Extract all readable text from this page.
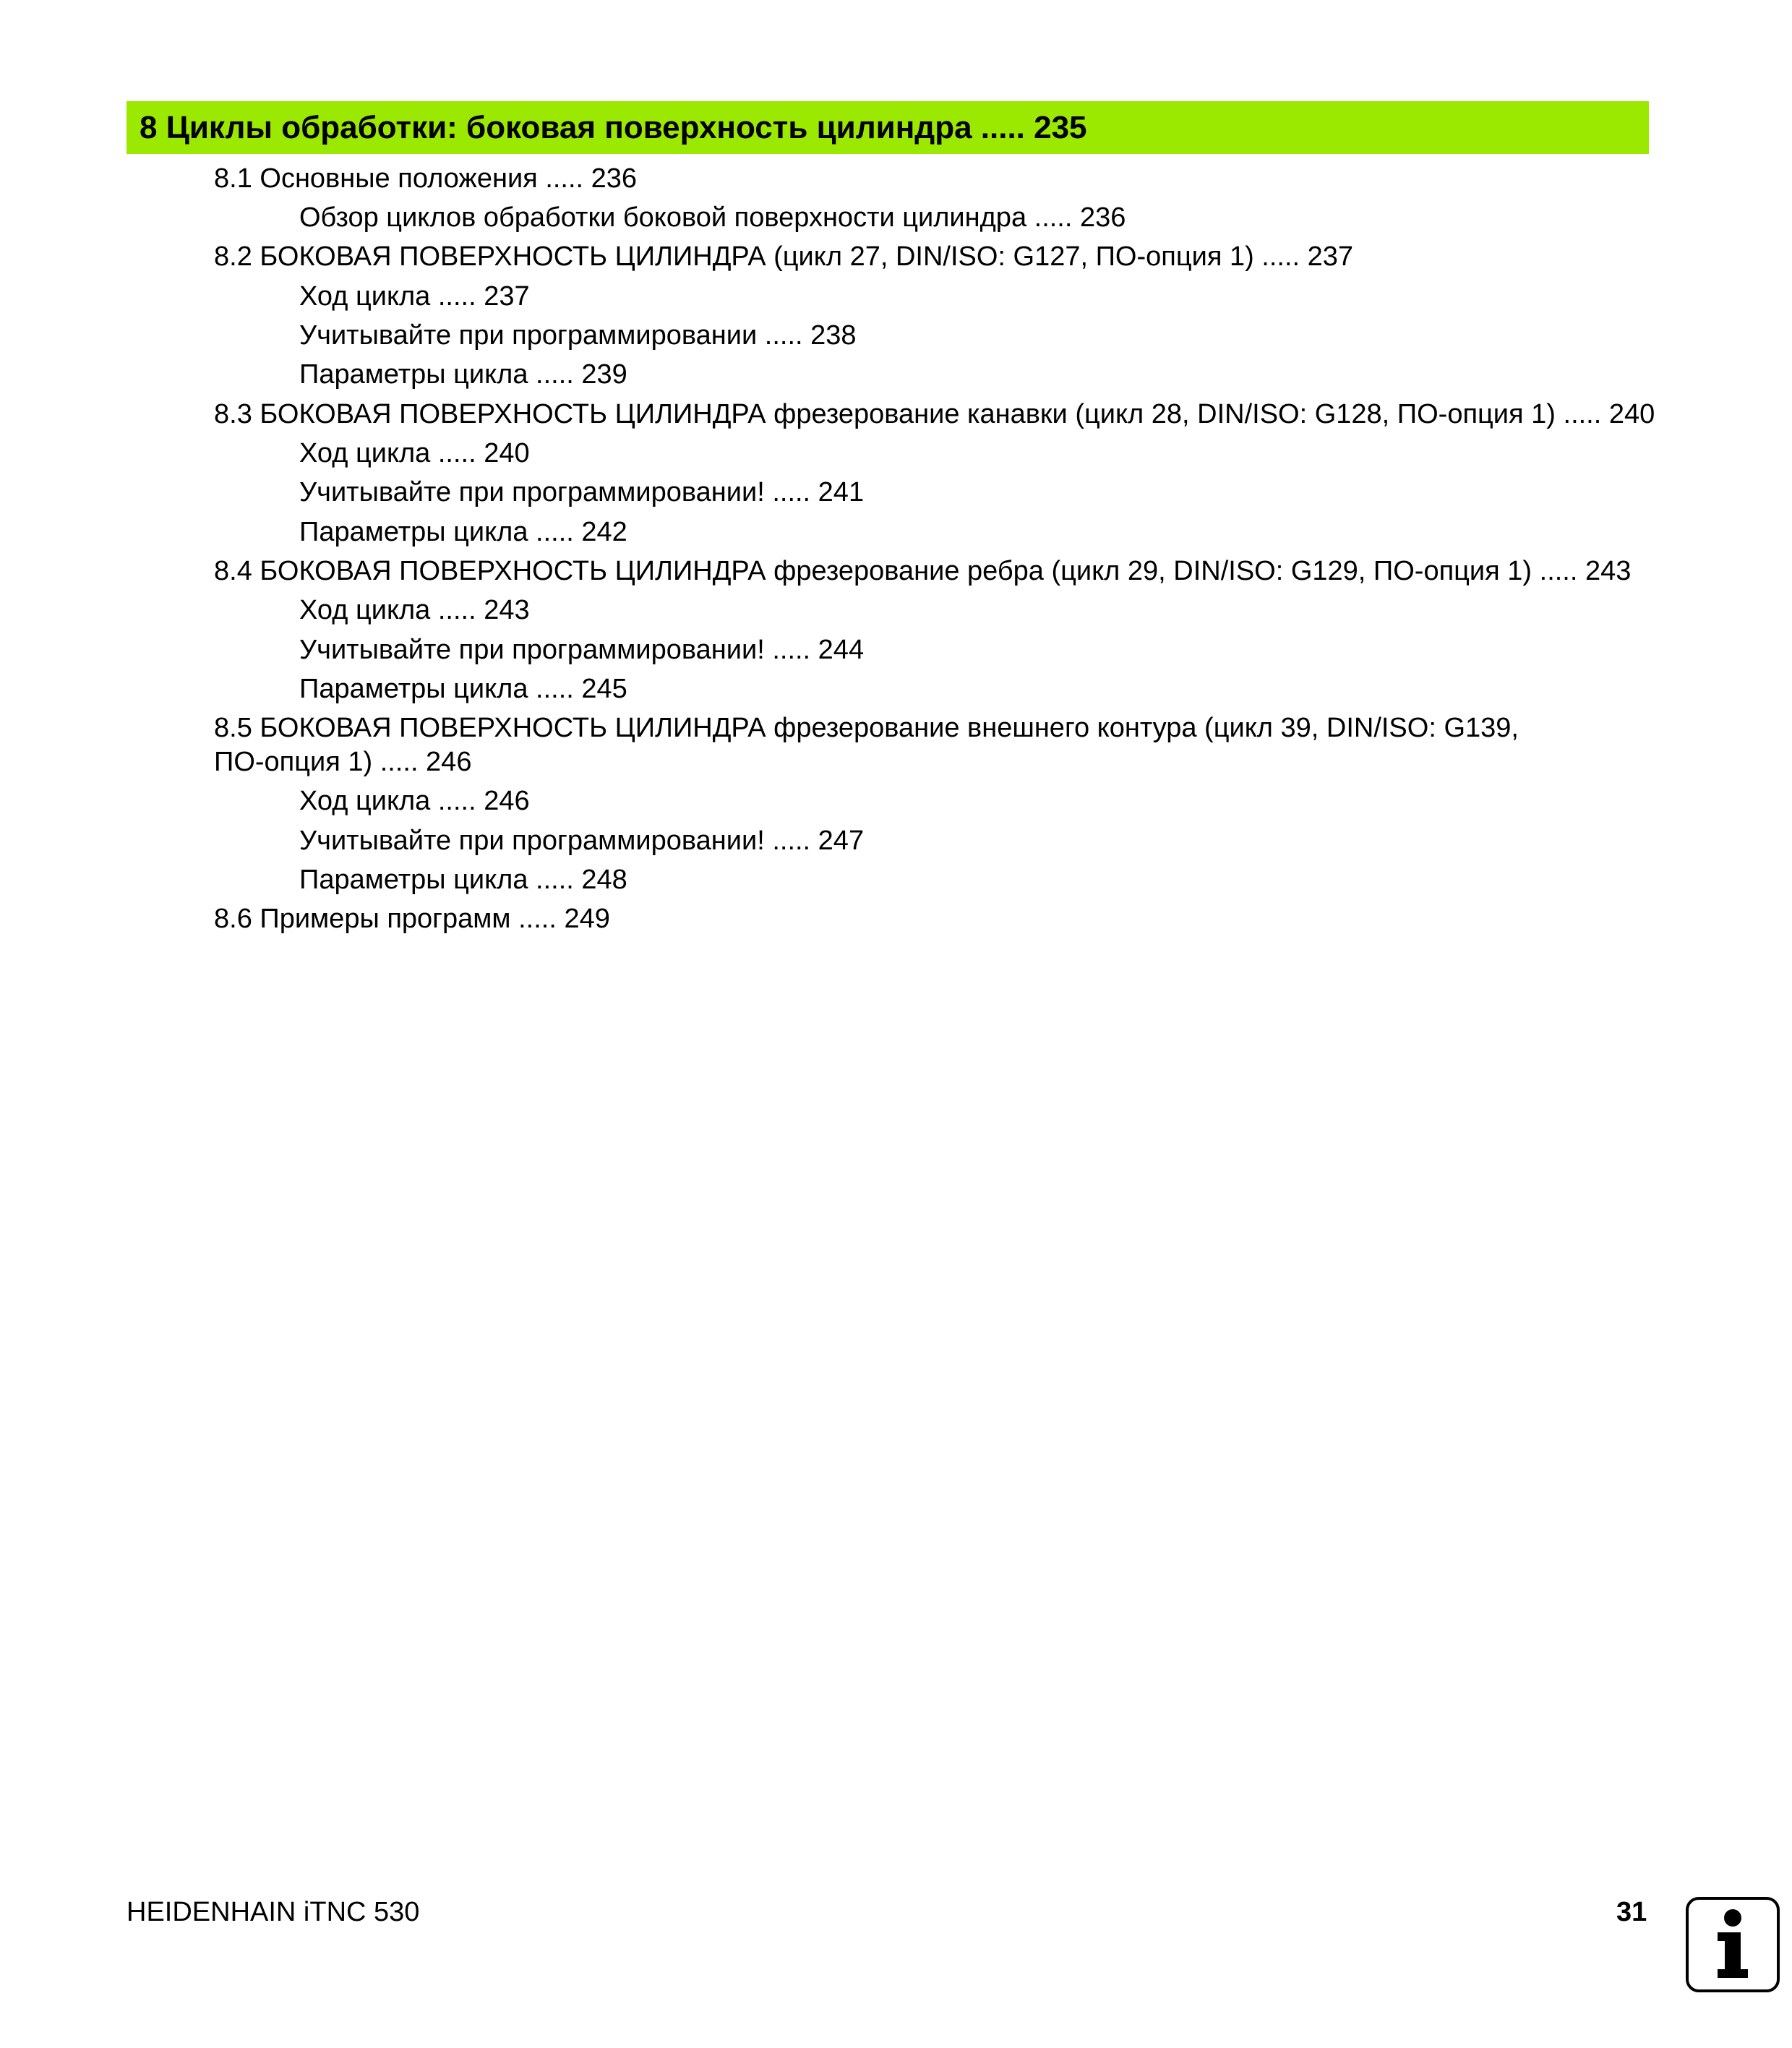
8 Циклы обработки: боковая поверхность цилиндра ..... 235
8.1 Основные положения ..... 236
Обзор циклов обработки боковой поверхности цилиндра ..... 236
8.2 БОКОВАЯ ПОВЕРХНОСТЬ ЦИЛИНДРА (цикл 27, DIN/ISO: G127, ПО-опция 1) ..... 237
Ход цикла ..... 237
Учитывайте при программировании ..... 238
Параметры цикла ..... 239
8.3 БОКОВАЯ ПОВЕРХНОСТЬ ЦИЛИНДРА фрезерование канавки (цикл 28, DIN/ISO: G128, ПО-опция 1) ..... 240
Ход цикла ..... 240
Учитывайте при программировании! ..... 241
Параметры цикла ..... 242
8.4 БОКОВАЯ ПОВЕРХНОСТЬ ЦИЛИНДРА фрезерование ребра (цикл 29, DIN/ISO: G129, ПО-опция 1) ..... 243
Ход цикла ..... 243
Учитывайте при программировании! ..... 244
Параметры цикла ..... 245
8.5 БОКОВАЯ ПОВЕРХНОСТЬ ЦИЛИНДРА фрезерование внешнего контура (цикл 39, DIN/ISO: G139,
ПО-опция 1) ..... 246
Ход цикла ..... 246
Учитывайте при программировании! ..... 247
Параметры цикла ..... 248
8.6 Примеры программ ..... 249
HEIDENHAIN iTNC 530	31
